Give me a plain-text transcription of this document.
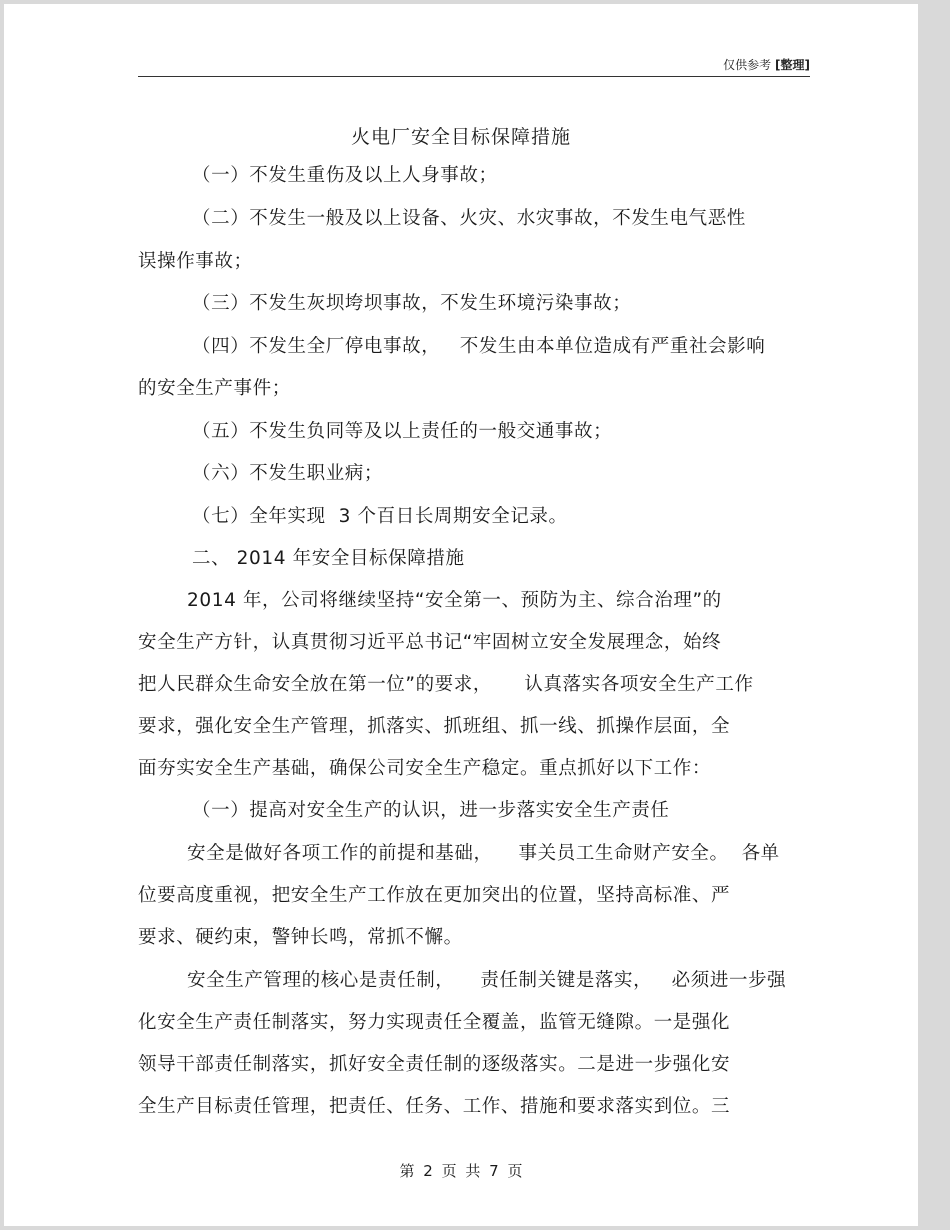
仅供参考 [整理]
火电厂安全目标保障措施
（一）不发生重伤及以上人身事故；
（二）不发生一般及以上设备、火灾、水灾事故，不发生电气恶性
误操作事故；
（三）不发生灰坝垮坝事故，不发生环境污染事故；
（四）不发生全厂停电事故，   不发生由本单位造成有严重社会影响
的安全生产事件；
（五）不发生负同等及以上责任的一般交通事故；
（六）不发生职业病；
（七）全年实现  3 个百日长周期安全记录。
二、 2014 年安全目标保障措施
2014 年，公司将继续坚持“安全第一、预防为主、综合治理”的
安全生产方针，认真贯彻习近平总书记“牢固树立安全发展理念，始终
把人民群众生命安全放在第一位”的要求，     认真落实各项安全生产工作
要求，强化安全生产管理，抓落实、抓班组、抓一线、抓操作层面，全
面夯实安全生产基础，确保公司安全生产稳定。重点抓好以下工作：
（一）提高对安全生产的认识，进一步落实安全生产责任
安全是做好各项工作的前提和基础，    事关员工生命财产安全。  各单
位要高度重视，把安全生产工作放在更加突出的位置，坚持高标准、严
要求、硬约束，警钟长鸣，常抓不懈。
安全生产管理的核心是责任制，    责任制关键是落实，   必须进一步强
化安全生产责任制落实，努力实现责任全覆盖，监管无缝隙。一是强化
领导干部责任制落实，抓好安全责任制的逐级落实。二是进一步强化安
全生产目标责任管理，把责任、任务、工作、措施和要求落实到位。三
第 2 页 共 7 页
